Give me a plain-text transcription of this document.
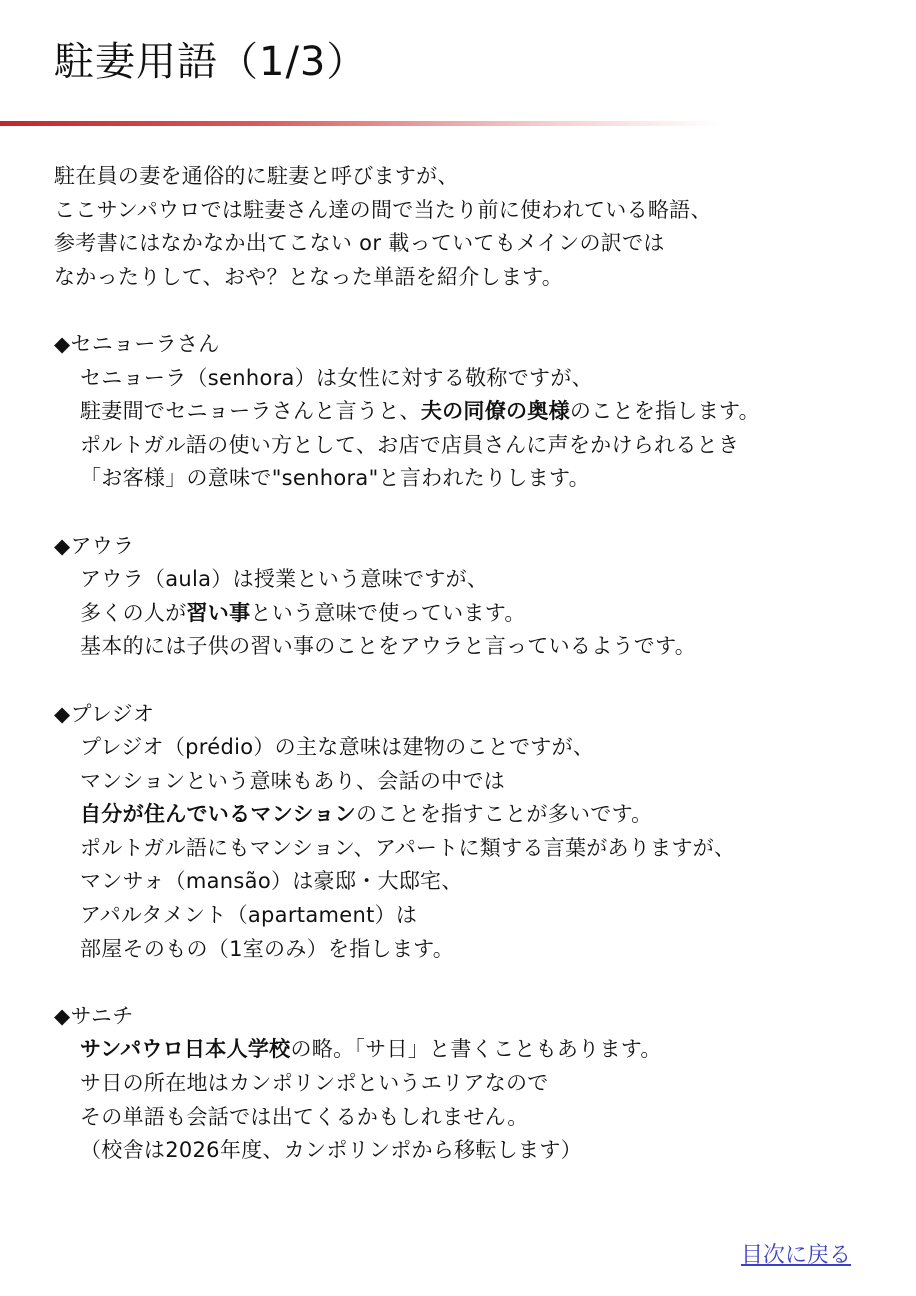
駐妻用語（1/3）
駐在員の妻を通俗的に駐妻と呼びますが、
ここサンパウロでは駐妻さん達の間で当たり前に使われている略語、
参考書にはなかなか出てこない or 載っていてもメインの訳では
なかったりして、おや？となった単語を紹介します。
◆セニョーラさん
セニョーラ（senhora）は女性に対する敬称ですが、
駐妻間でセニョーラさんと言うと、夫の同僚の奥様のことを指します。
ポルトガル語の使い方として、お店で店員さんに声をかけられるとき
「お客様」の意味で"senhora"と言われたりします。
◆アウラ
アウラ（aula）は授業という意味ですが、
多くの人が習い事という意味で使っています。
基本的には子供の習い事のことをアウラと言っているようです。
◆プレジオ
プレジオ（prédio）の主な意味は建物のことですが、
マンションという意味もあり、会話の中では
自分が住んでいるマンションのことを指すことが多いです。
ポルトガル語にもマンション、アパートに類する言葉がありますが、
マンサォ（mansão）は豪邸・大邸宅、
アパルタメント（apartament）は
部屋そのもの（1室のみ）を指します。
◆サニチ
サンパウロ日本人学校の略。「サ日」と書くこともあります。
サ日の所在地はカンポリンポというエリアなので
その単語も会話では出てくるかもしれません。
（校舎は2026年度、カンポリンポから移転します）
目次に戻る
